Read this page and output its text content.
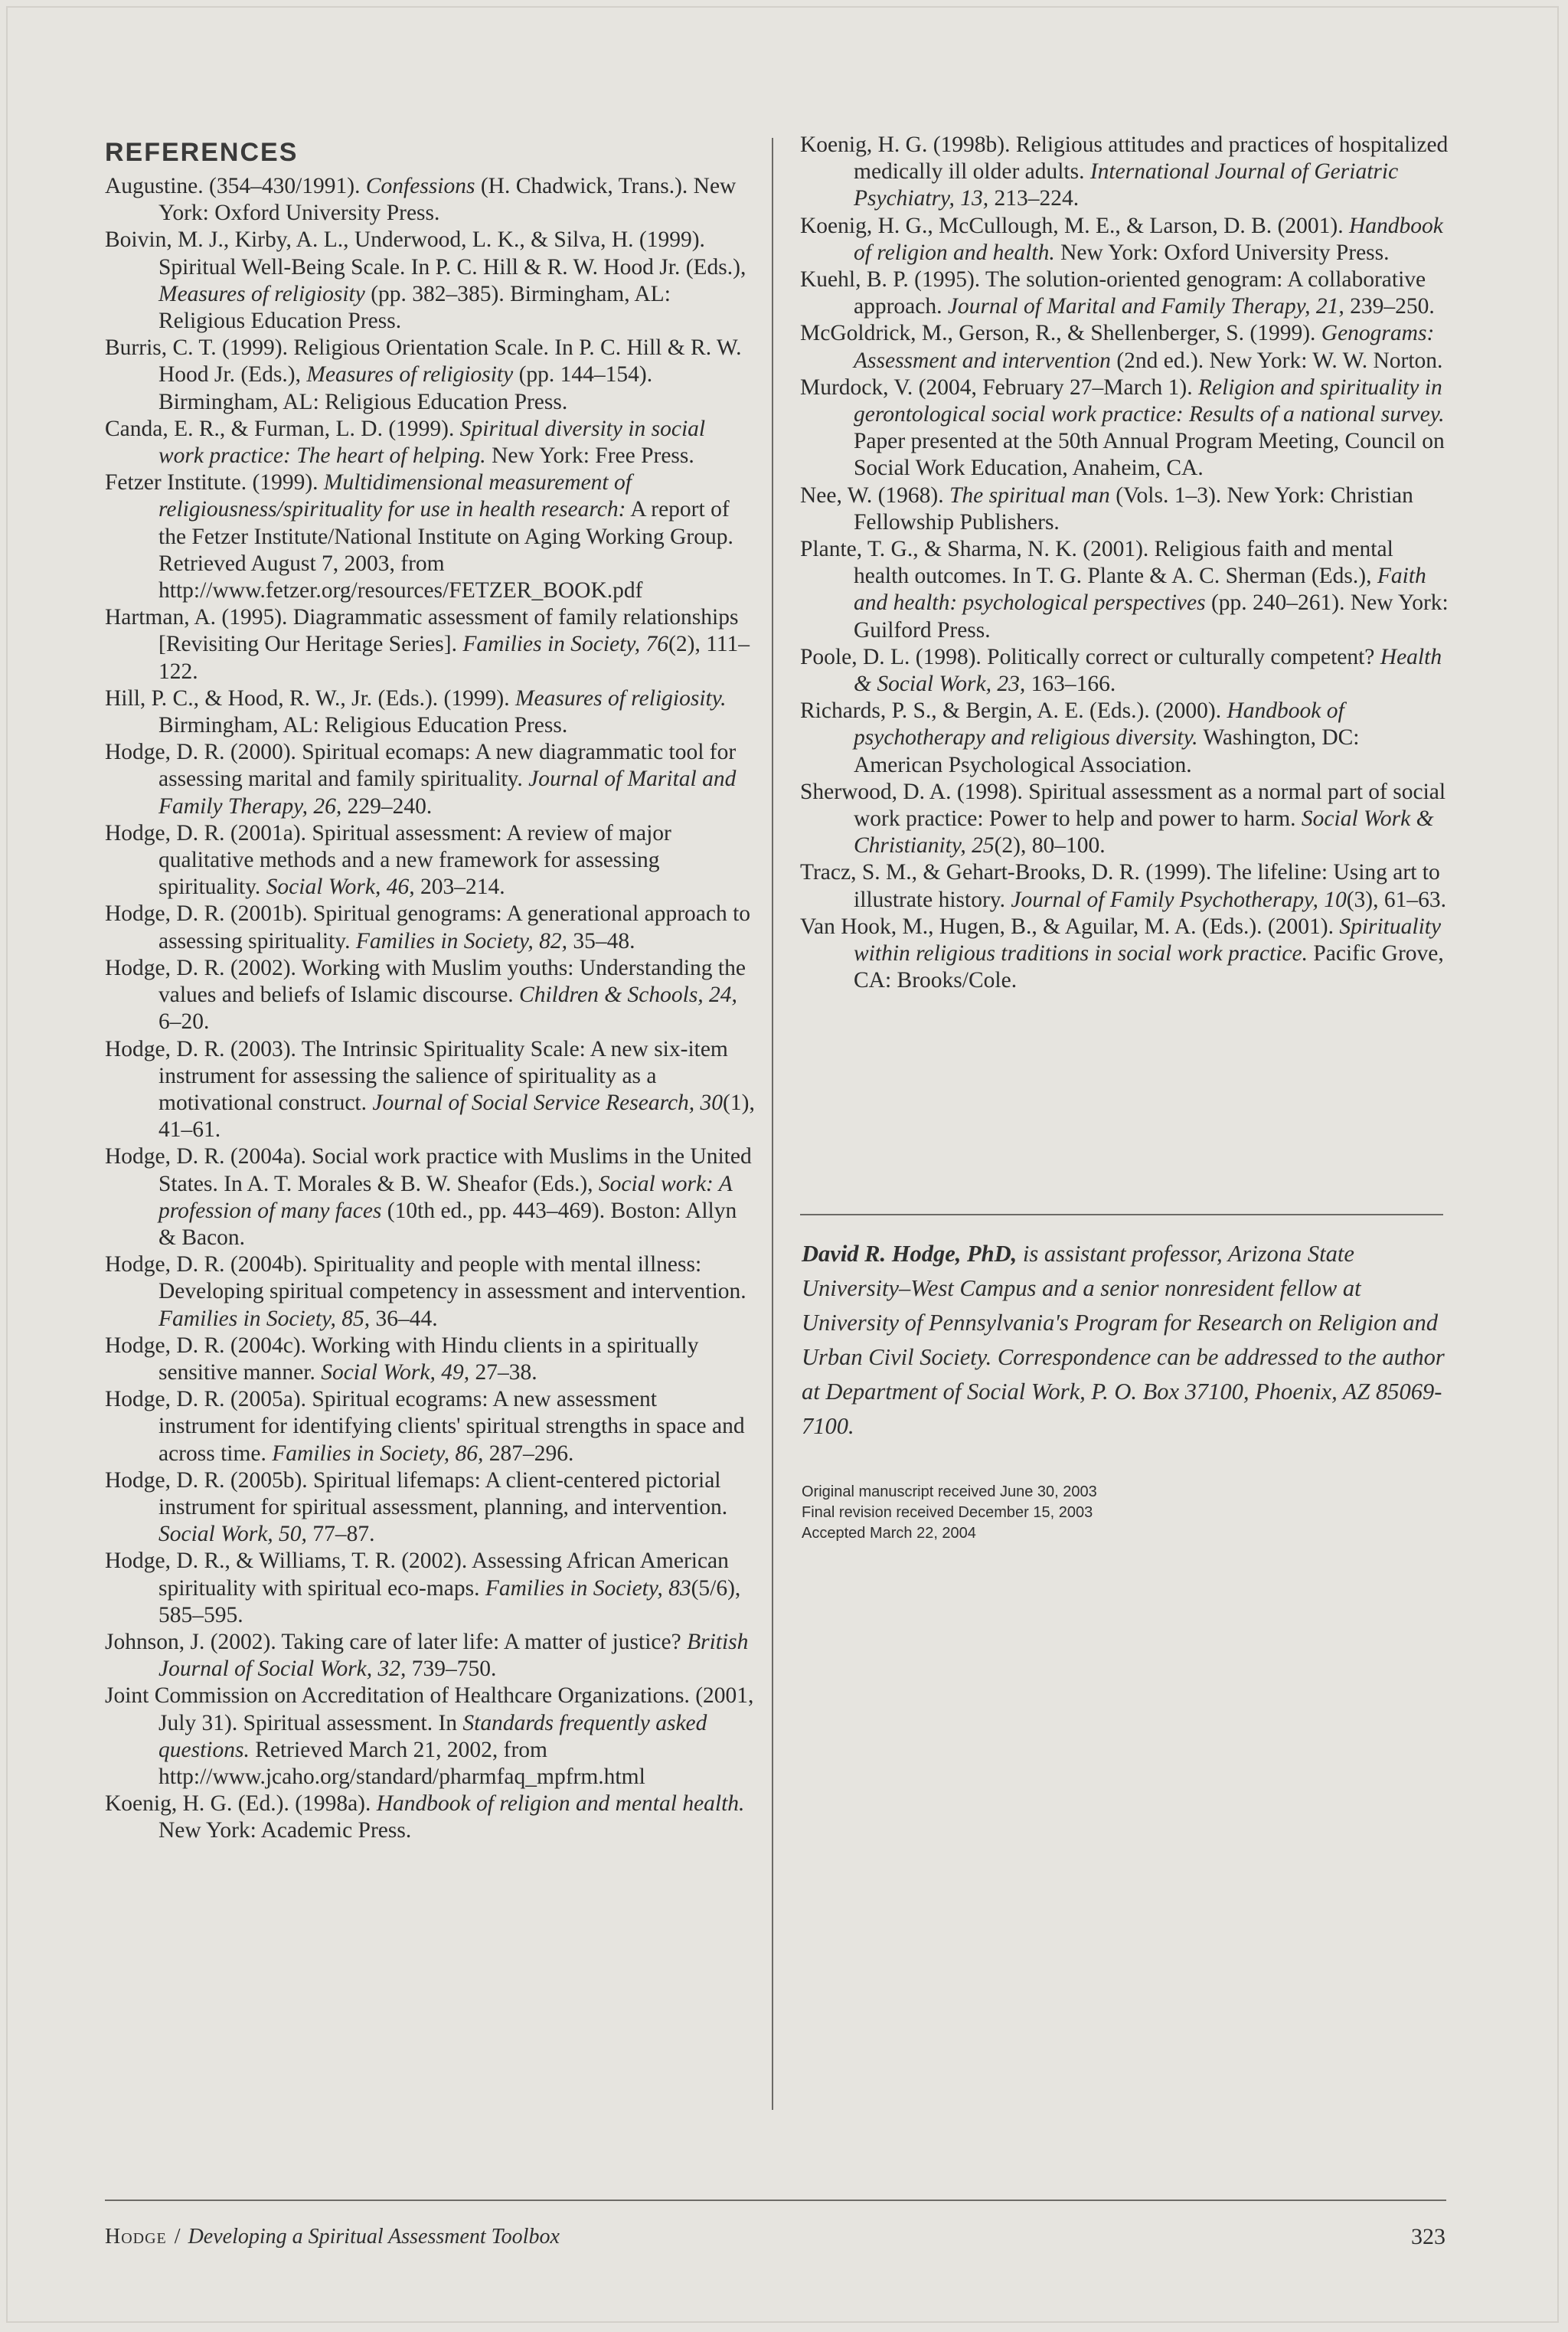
REFERENCES
Augustine. (354–430/1991). Confessions (H. Chadwick, Trans.). New York: Oxford University Press.
Boivin, M. J., Kirby, A. L., Underwood, L. K., & Silva, H. (1999). Spiritual Well-Being Scale. In P. C. Hill & R. W. Hood Jr. (Eds.), Measures of religiosity (pp. 382–385). Birmingham, AL: Religious Education Press.
Burris, C. T. (1999). Religious Orientation Scale. In P. C. Hill & R. W. Hood Jr. (Eds.), Measures of religiosity (pp. 144–154). Birmingham, AL: Religious Education Press.
Canda, E. R., & Furman, L. D. (1999). Spiritual diversity in social work practice: The heart of helping. New York: Free Press.
Fetzer Institute. (1999). Multidimensional measurement of religiousness/spirituality for use in health research: A report of the Fetzer Institute/National Institute on Aging Working Group. Retrieved August 7, 2003, from http://www.fetzer.org/resources/FETZER_BOOK.pdf
Hartman, A. (1995). Diagrammatic assessment of family relationships [Revisiting Our Heritage Series]. Families in Society, 76(2), 111–122.
Hill, P. C., & Hood, R. W., Jr. (Eds.). (1999). Measures of religiosity. Birmingham, AL: Religious Education Press.
Hodge, D. R. (2000). Spiritual ecomaps: A new diagrammatic tool for assessing marital and family spirituality. Journal of Marital and Family Therapy, 26, 229–240.
Hodge, D. R. (2001a). Spiritual assessment: A review of major qualitative methods and a new framework for assessing spirituality. Social Work, 46, 203–214.
Hodge, D. R. (2001b). Spiritual genograms: A generational approach to assessing spirituality. Families in Society, 82, 35–48.
Hodge, D. R. (2002). Working with Muslim youths: Understanding the values and beliefs of Islamic discourse. Children & Schools, 24, 6–20.
Hodge, D. R. (2003). The Intrinsic Spirituality Scale: A new six-item instrument for assessing the salience of spirituality as a motivational construct. Journal of Social Service Research, 30(1), 41–61.
Hodge, D. R. (2004a). Social work practice with Muslims in the United States. In A. T. Morales & B. W. Sheafor (Eds.), Social work: A profession of many faces (10th ed., pp. 443–469). Boston: Allyn & Bacon.
Hodge, D. R. (2004b). Spirituality and people with mental illness: Developing spiritual competency in assessment and intervention. Families in Society, 85, 36–44.
Hodge, D. R. (2004c). Working with Hindu clients in a spiritually sensitive manner. Social Work, 49, 27–38.
Hodge, D. R. (2005a). Spiritual ecograms: A new assessment instrument for identifying clients' spiritual strengths in space and across time. Families in Society, 86, 287–296.
Hodge, D. R. (2005b). Spiritual lifemaps: A client-centered pictorial instrument for spiritual assessment, planning, and intervention. Social Work, 50, 77–87.
Hodge, D. R., & Williams, T. R. (2002). Assessing African American spirituality with spiritual eco-maps. Families in Society, 83(5/6), 585–595.
Johnson, J. (2002). Taking care of later life: A matter of justice? British Journal of Social Work, 32, 739–750.
Joint Commission on Accreditation of Healthcare Organizations. (2001, July 31). Spiritual assessment. In Standards frequently asked questions. Retrieved March 21, 2002, from http://www.jcaho.org/standard/pharmfaq_mpfrm.html
Koenig, H. G. (Ed.). (1998a). Handbook of religion and mental health. New York: Academic Press.
Koenig, H. G. (1998b). Religious attitudes and practices of hospitalized medically ill older adults. International Journal of Geriatric Psychiatry, 13, 213–224.
Koenig, H. G., McCullough, M. E., & Larson, D. B. (2001). Handbook of religion and health. New York: Oxford University Press.
Kuehl, B. P. (1995). The solution-oriented genogram: A collaborative approach. Journal of Marital and Family Therapy, 21, 239–250.
McGoldrick, M., Gerson, R., & Shellenberger, S. (1999). Genograms: Assessment and intervention (2nd ed.). New York: W. W. Norton.
Murdock, V. (2004, February 27–March 1). Religion and spirituality in gerontological social work practice: Results of a national survey. Paper presented at the 50th Annual Program Meeting, Council on Social Work Education, Anaheim, CA.
Nee, W. (1968). The spiritual man (Vols. 1–3). New York: Christian Fellowship Publishers.
Plante, T. G., & Sharma, N. K. (2001). Religious faith and mental health outcomes. In T. G. Plante & A. C. Sherman (Eds.), Faith and health: psychological perspectives (pp. 240–261). New York: Guilford Press.
Poole, D. L. (1998). Politically correct or culturally competent? Health & Social Work, 23, 163–166.
Richards, P. S., & Bergin, A. E. (Eds.). (2000). Handbook of psychotherapy and religious diversity. Washington, DC: American Psychological Association.
Sherwood, D. A. (1998). Spiritual assessment as a normal part of social work practice: Power to help and power to harm. Social Work & Christianity, 25(2), 80–100.
Tracz, S. M., & Gehart-Brooks, D. R. (1999). The lifeline: Using art to illustrate history. Journal of Family Psychotherapy, 10(3), 61–63.
Van Hook, M., Hugen, B., & Aguilar, M. A. (Eds.). (2001). Spirituality within religious traditions in social work practice. Pacific Grove, CA: Brooks/Cole.
David R. Hodge, PhD, is assistant professor, Arizona State University–West Campus and a senior nonresident fellow at University of Pennsylvania's Program for Research on Religion and Urban Civil Society. Correspondence can be addressed to the author at Department of Social Work, P. O. Box 37100, Phoenix, AZ 85069-7100.
Original manuscript received June 30, 2003
Final revision received December 15, 2003
Accepted March 22, 2004
Hodge / Developing a Spiritual Assessment Toolbox	323
